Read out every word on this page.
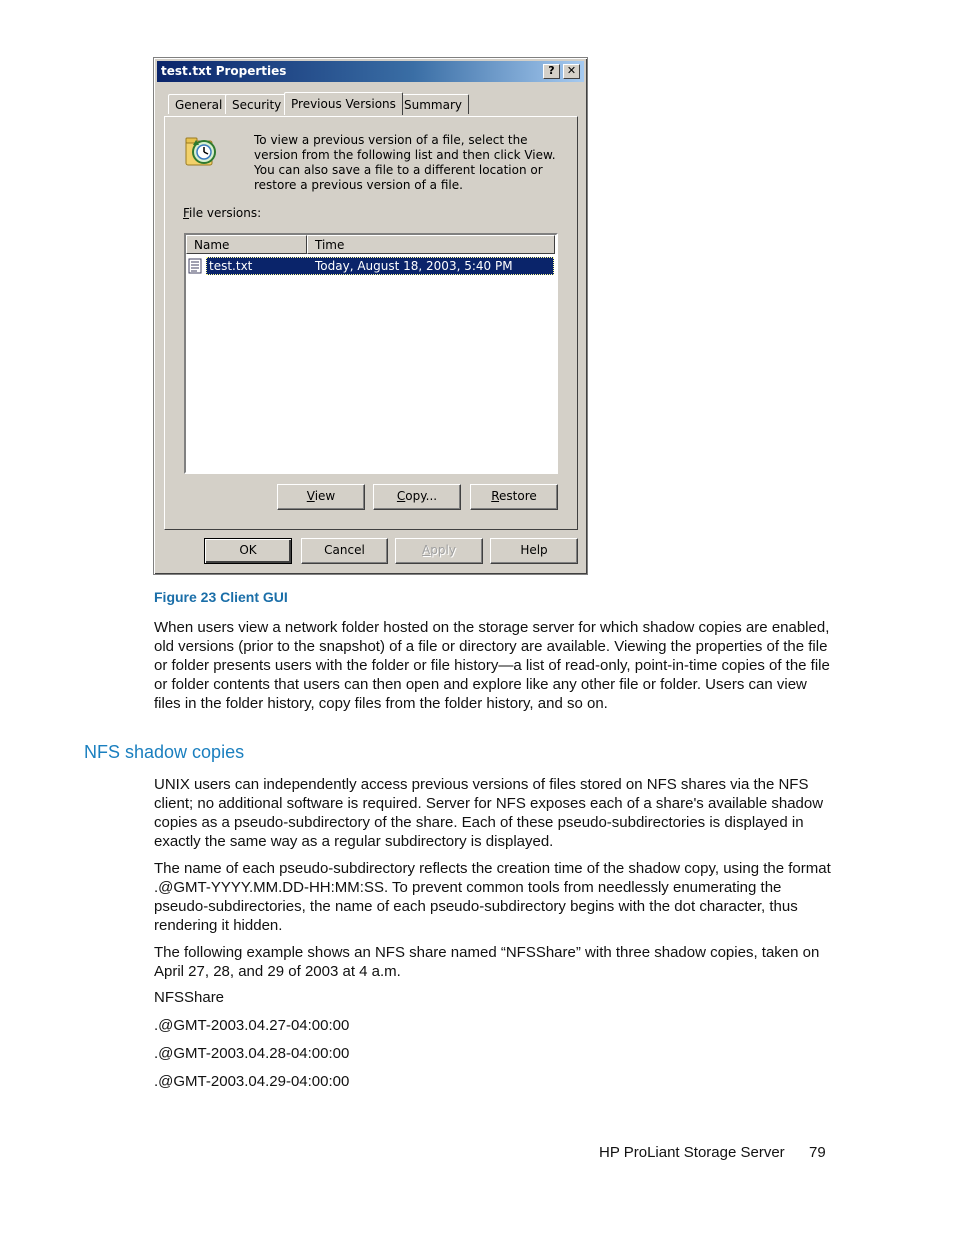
test.txt Properties	?	✕
General Security Previous Versions Summary
To view a previous version of a file, select the version from the following list and then click View. You can also save a file to a different location or restore a previous version of a file.
File versions:
Name	Time
test.txt	Today, August 18, 2003, 5:40 PM
View	Copy...	Restore
OK	Cancel	Apply	Help
Figure 23 Client GUI

When users view a network folder hosted on the storage server for which shadow copies are enabled, old versions (prior to the snapshot) of a file or directory are available. Viewing the properties of the file or folder presents users with the folder or file history—a list of read-only, point-in-time copies of the file or folder contents that users can then open and explore like any other file or folder. Users can view files in the folder history, copy files from the folder history, and so on.

NFS shadow copies

UNIX users can independently access previous versions of files stored on NFS shares via the NFS client; no additional software is required. Server for NFS exposes each of a share's available shadow copies as a pseudo-subdirectory of the share. Each of these pseudo-subdirectories is displayed in exactly the same way as a regular subdirectory is displayed.

The name of each pseudo-subdirectory reflects the creation time of the shadow copy, using the format .@GMT-YYYY.MM.DD-HH:MM:SS. To prevent common tools from needlessly enumerating the pseudo-subdirectories, the name of each pseudo-subdirectory begins with the dot character, thus rendering it hidden.

The following example shows an NFS share named “NFSShare” with three shadow copies, taken on April 27, 28, and 29 of 2003 at 4 a.m.

NFSShare
.@GMT-2003.04.27-04:00:00
.@GMT-2003.04.28-04:00:00
.@GMT-2003.04.29-04:00:00
HP ProLiant Storage Server 79
